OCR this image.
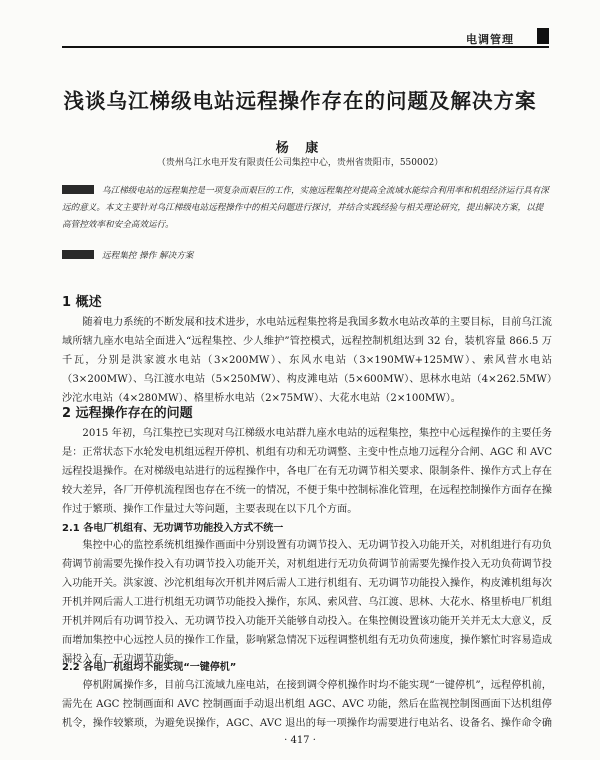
电调管理
浅谈乌江梯级电站远程操作存在的问题及解决方案
杨 康
（贵州乌江水电开发有限责任公司集控中心，贵州省贵阳市，550002）
乌江梯级电站的远程集控是一项复杂而艰巨的工作，实施远程集控对提高全流域水能综合利用率和机组经济运行具有深远的意义。本文主要针对乌江梯级电站远程操作中的相关问题进行探讨，并结合实践经验与相关理论研究，提出解决方案，以提高管控效率和安全高效运行。
远程集控 操作 解决方案
1 概述
随着电力系统的不断发展和技术进步，水电站远程集控将是我国多数水电站改革的主要目标，目前乌江流域所辖九座水电站全面进入“远程集控、少人维护”管控模式，远程控制机组达到 32 台，装机容量 866.5 万千瓦，分别是洪家渡水电站（3×200MW）、东风水电站（3×190MW+125MW）、索风营水电站（3×200MW）、乌江渡水电站（5×250MW）、构皮滩电站（5×600MW）、思林水电站（4×262.5MW）沙沱水电站（4×280MW）、格里桥水电站（2×75MW）、大花水电站（2×100MW）。
2 远程操作存在的问题
2015 年初，乌江集控已实现对乌江梯级水电站群九座水电站的远程集控，集控中心远程操作的主要任务是：正常状态下水轮发电机组远程开停机、机组有功和无功调整、主变中性点地刀远程分合闸、AGC 和 AVC 远程投退操作。在对梯级电站进行的远程操作中，各电厂在有无功调节相关要求、限制条件、操作方式上存在较大差异，各厂开停机流程图也存在不统一的情况，不便于集中控制标准化管理，在远程控制操作方面存在操作过于繁琐、操作工作量过大等问题，主要表现在以下几个方面。
2.1 各电厂机组有、无功调节功能投入方式不统一
集控中心的监控系统机组操作画面中分别设置有功调节投入、无功调节投入功能开关，对机组进行有功负荷调节前需要先操作投入有功调节投入功能开关，对机组进行无功负荷调节前需要先操作投入无功负荷调节投入功能开关。洪家渡、沙沱机组每次开机并网后需人工进行机组有、无功调节功能投入操作，构皮滩机组每次开机并网后需人工进行机组无功调节功能投入操作，东风、索风营、乌江渡、思林、大花水、格里桥电厂机组开机并网后有功调节投入、无功调节投入功能开关能够自动投入。在集控侧设置该功能开关并无太大意义，反而增加集控中心远控人员的操作工作量，影响紧急情况下远程调整机组有无功负荷速度，操作繁忙时容易造成漏投入有、无功调节功能。
2.2 各电厂机组均不能实现“一键停机”
停机附属操作多，目前乌江流域九座电站，在接到调令停机操作时均不能实现“一键停机”，远程停机前，需先在 AGC 控制画面和 AVC 控制画面手动退出机组 AGC、AVC 功能，然后在监视控制图画面下达机组停机令，操作较繁琐，为避免误操作，AGC、AVC 退出的每一项操作均需要进行电站名、设备名、操作命令确
· 417 ·
